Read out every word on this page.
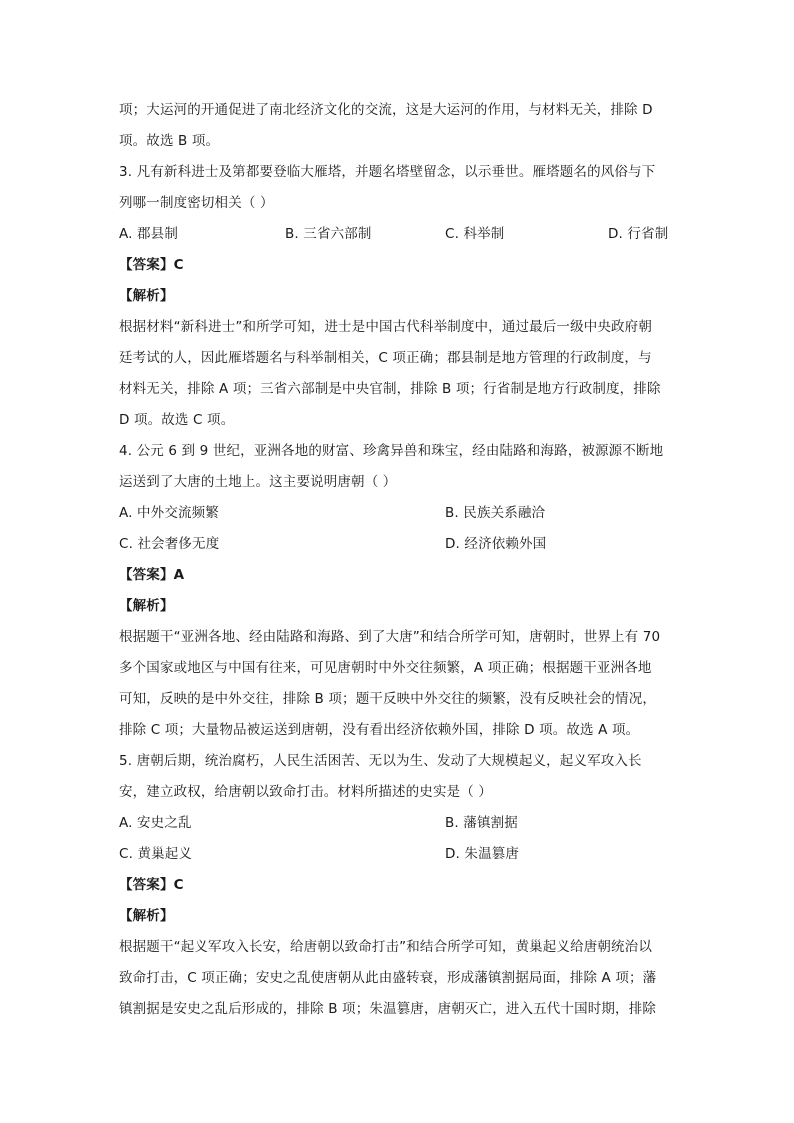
项；大运河的开通促进了南北经济文化的交流，这是大运河的作用，与材料无关，排除 D
项。故选 B 项。
3. 凡有新科进士及第都要登临大雁塔，并题名塔壁留念，以示垂世。雁塔题名的风俗与下
列哪一制度密切相关（ ）
A. 郡县制	B. 三省六部制	C. 科举制	D. 行省制
【答案】C
【解析】
根据材料“新科进士”和所学可知，进士是中国古代科举制度中，通过最后一级中央政府朝
廷考试的人，因此雁塔题名与科举制相关，C 项正确；郡县制是地方管理的行政制度，与
材料无关，排除 A 项；三省六部制是中央官制，排除 B 项；行省制是地方行政制度，排除
D 项。故选 C 项。
4. 公元 6 到 9 世纪，亚洲各地的财富、珍禽异兽和珠宝，经由陆路和海路，被源源不断地
运送到了大唐的土地上。这主要说明唐朝（ ）
A. 中外交流频繁	B. 民族关系融洽
C. 社会奢侈无度	D. 经济依赖外国
【答案】A
【解析】
根据题干“亚洲各地、经由陆路和海路、到了大唐”和结合所学可知，唐朝时，世界上有 70
多个国家或地区与中国有往来，可见唐朝时中外交往频繁，A 项正确；根据题干亚洲各地
可知，反映的是中外交往，排除 B 项；题干反映中外交往的频繁，没有反映社会的情况，
排除 C 项；大量物品被运送到唐朝，没有看出经济依赖外国，排除 D 项。故选 A 项。
5. 唐朝后期，统治腐朽，人民生活困苦、无以为生、发动了大规模起义，起义军攻入长
安，建立政权，给唐朝以致命打击。材料所描述的史实是（ ）
A. 安史之乱	B. 藩镇割据
C. 黄巢起义	D. 朱温篡唐
【答案】C
【解析】
根据题干“起义军攻入长安，给唐朝以致命打击”和结合所学可知，黄巢起义给唐朝统治以
致命打击，C 项正确；安史之乱使唐朝从此由盛转衰，形成藩镇割据局面，排除 A 项；藩
镇割据是安史之乱后形成的，排除 B 项；朱温篡唐，唐朝灭亡，进入五代十国时期，排除
